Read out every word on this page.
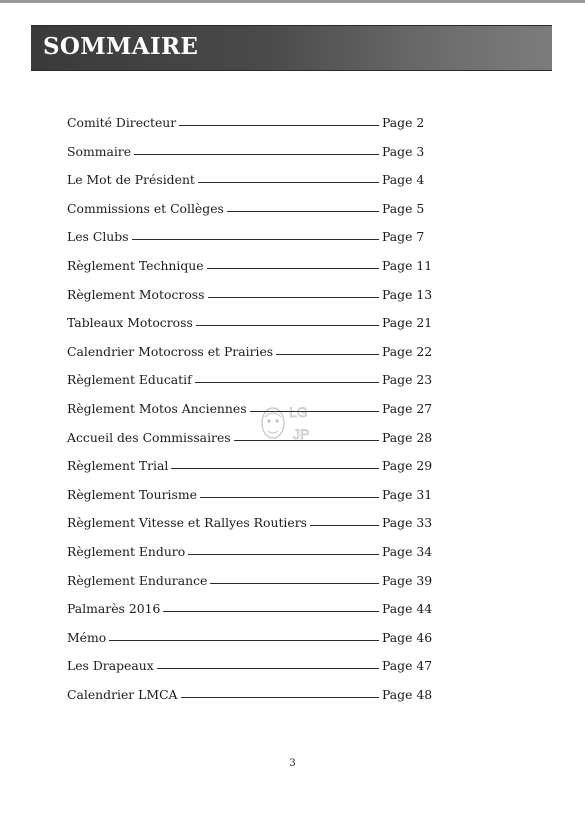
SOMMAIRE
Comité Directeur	Page 2
Sommaire	Page 3
Le Mot de Président	Page 4
Commissions et Collèges	Page 5
Les Clubs	Page 7
Règlement Technique	Page 11
Règlement Motocross	Page 13
Tableaux Motocross	Page 21
Calendrier Motocross et Prairies	Page 22
Règlement Educatif	Page 23
Règlement Motos Anciennes	Page 27
Accueil des Commissaires	Page 28
Règlement Trial	Page 29
Règlement Tourisme	Page 31
Règlement Vitesse et Rallyes Routiers	Page 33
Règlement Enduro	Page 34
Règlement Endurance	Page 39
Palmarès 2016	Page 44
Mémo	Page 46
Les Drapeaux	Page 47
Calendrier LMCA	Page 48
LG
JP
3
